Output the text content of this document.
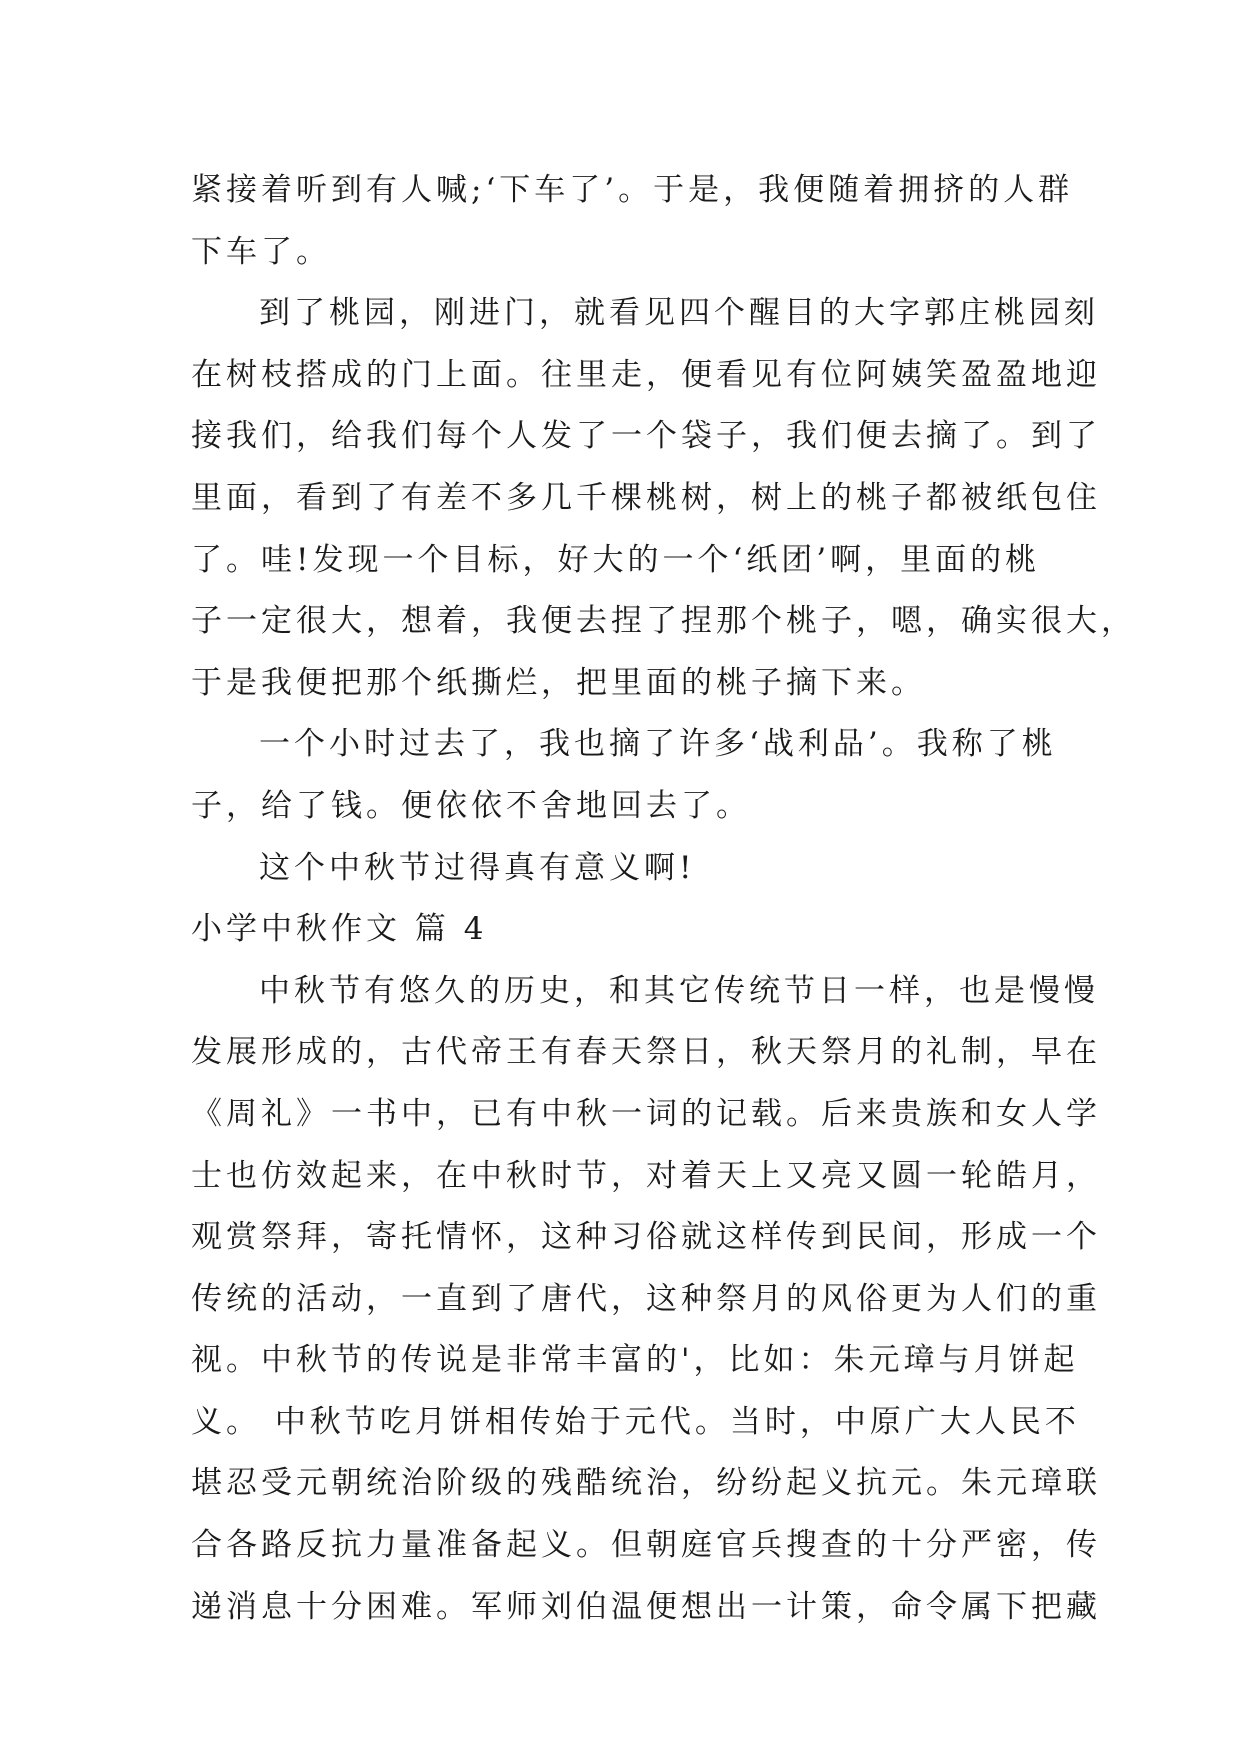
紧接着听到有人喊;‘下车了’。于是，我便随着拥挤的人群
下车了。
到了桃园，刚进门，就看见四个醒目的大字郭庄桃园刻
在树枝搭成的门上面。往里走，便看见有位阿姨笑盈盈地迎
接我们，给我们每个人发了一个袋子，我们便去摘了。到了
里面，看到了有差不多几千棵桃树，树上的桃子都被纸包住
了。哇!发现一个目标，好大的一个‘纸团’啊，里面的桃
子一定很大，想着，我便去捏了捏那个桃子，嗯，确实很大，
于是我便把那个纸撕烂，把里面的桃子摘下来。
一个小时过去了，我也摘了许多‘战利品’。我称了桃
子，给了钱。便依依不舍地回去了。
这个中秋节过得真有意义啊!
小学中秋作文 篇 4
中秋节有悠久的历史，和其它传统节日一样，也是慢慢
发展形成的，古代帝王有春天祭日，秋天祭月的礼制，早在
《周礼》一书中，已有中秋一词的记载。后来贵族和女人学
士也仿效起来，在中秋时节，对着天上又亮又圆一轮皓月，
观赏祭拜，寄托情怀，这种习俗就这样传到民间，形成一个
传统的活动，一直到了唐代，这种祭月的风俗更为人们的重
视。中秋节的传说是非常丰富的'，比如：朱元璋与月饼起
义。 中秋节吃月饼相传始于元代。当时，中原广大人民不
堪忍受元朝统治阶级的残酷统治，纷纷起义抗元。朱元璋联
合各路反抗力量准备起义。但朝庭官兵搜查的十分严密，传
递消息十分困难。军师刘伯温便想出一计策，命令属下把藏
